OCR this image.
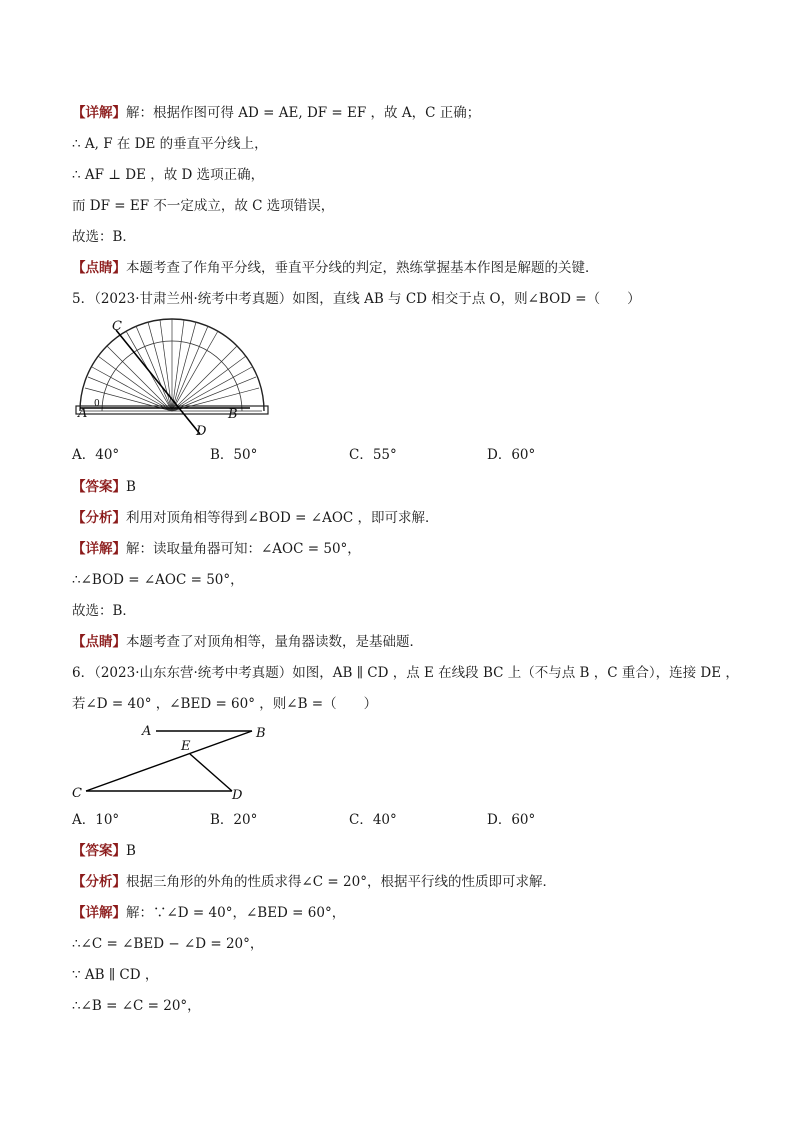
【详解】解：根据作图可得 AD = AE, DF = EF ，故 A，C 正确；
∴ A, F 在 DE 的垂直平分线上，
∴ AF ⊥ DE ，故 D 选项正确，
而 DF = EF 不一定成立，故 C 选项错误，
故选：B．
【点睛】本题考查了作角平分线，垂直平分线的判定，熟练掌握基本作图是解题的关键．
5．（2023·甘肃兰州·统考中考真题）如图，直线 AB 与 CD 相交于点 O，则∠BOD =（　　）
C
A
0
B
D
A．40°	B．50°	C．55°	D．60°
【答案】B
【分析】利用对顶角相等得到∠BOD = ∠AOC ，即可求解．
【详解】解：读取量角器可知：∠AOC = 50°，
∴∠BOD = ∠AOC = 50°，
故选：B．
【点睛】本题考查了对顶角相等，量角器读数，是基础题．
6．（2023·山东东营·统考中考真题）如图，AB ∥ CD ，点 E 在线段 BC 上（不与点 B ，C 重合），连接 DE ，
若∠D = 40° ，∠BED = 60° ，则∠B =（　　）
A	B
E
C	D
A．10°	B．20°	C．40°	D．60°
【答案】B
【分析】根据三角形的外角的性质求得∠C = 20°，根据平行线的性质即可求解．
【详解】解：∵∠D = 40°，∠BED = 60°，
∴∠C = ∠BED − ∠D = 20°，
∵ AB ∥ CD ，
∴∠B = ∠C = 20°，
